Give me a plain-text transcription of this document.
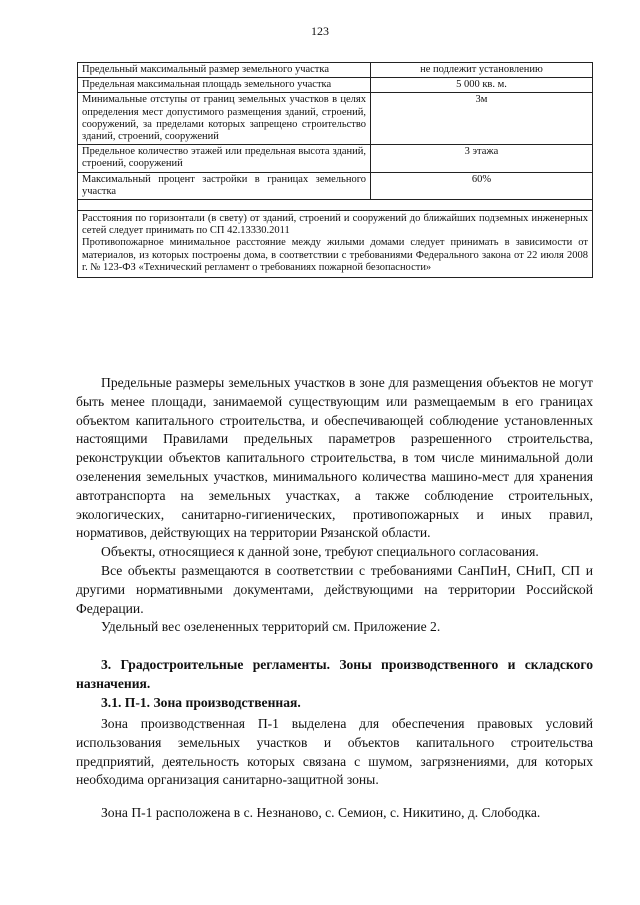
123
Предельный максимальный размер земельного участка	не подлежит установлению
Предельная максимальная площадь земельного участка	5 000 кв. м.
Минимальные отступы от границ земельных участков в целях определения мест допустимого размещения зданий, строений, сооружений, за пределами которых запрещено строительство зданий, строений, сооружений	3м
Предельное количество этажей или предельная высота зданий, строений, сооружений	3 этажа
Максимальный процент застройки в границах земельного участка	60%

Расстояния по горизонтали (в свету) от зданий, строений и сооружений до ближайших подземных инженерных сетей следует принимать по СП 42.13330.2011
Противопожарное минимальное расстояние между жилыми домами следует принимать в зависимости от материалов, из которых построены дома, в соответствии с требованиями Федерального закона от 22 июля 2008 г. № 123-ФЗ «Технический регламент о требованиях пожарной безопасности»	

Предельные размеры земельных участков в зоне для размещения объектов не могут быть менее площади, занимаемой существующим или размещаемым в его границах объектом капитального строительства, и обеспечивающей соблюдение установленных настоящими Правилами предельных параметров разрешенного строительства, реконструкции объектов капитального строительства, в том числе минимальной доли озеленения земельных участков, минимального количества машино-мест для хранения автотранспорта на земельных участках, а также соблюдение строительных, экологических, санитарно-гигиенических, противопожарных и иных правил, нормативов, действующих на территории Рязанской области.

Объекты, относящиеся к данной зоне, требуют специального согласования.

Все объекты размещаются в соответствии с требованиями СанПиН, СНиП, СП и другими нормативными документами, действующими на территории Российской Федерации.

Удельный вес озелененных территорий см. Приложение 2.

3. Градостроительные регламенты. Зоны производственного и складского назначения.

3.1. П-1. Зона производственная.

Зона производственная П-1 выделена для обеспечения правовых условий использования земельных участков и объектов капитального строительства предприятий, деятельность которых связана с шумом, загрязнениями, для которых необходима организация санитарно-защитной зоны.

Зона П-1 расположена в с. Незнаново, с. Семион, с. Никитино, д. Слободка.
